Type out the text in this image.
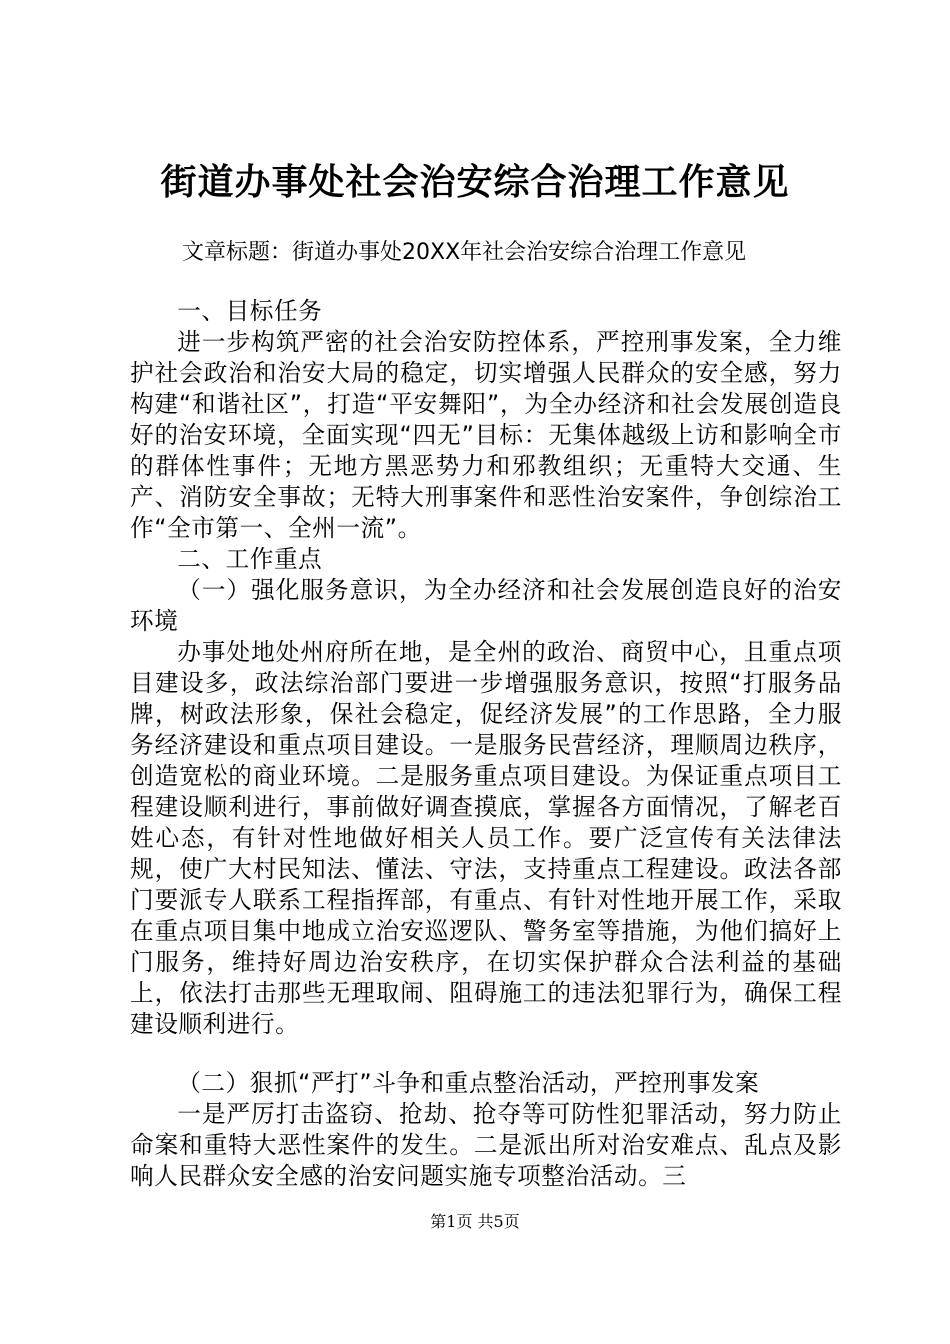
街道办事处社会治安综合治理工作意见
文章标题：街道办事处20XX年社会治安综合治理工作意见

一、目标任务

进一步构筑严密的社会治安防控体系，严控刑事发案，全力维护社会政治和治安大局的稳定，切实增强人民群众的安全感，努力构建“和谐社区”，打造“平安舞阳”，为全办经济和社会发展创造良好的治安环境，全面实现“四无”目标：无集体越级上访和影响全市的群体性事件；无地方黑恶势力和邪教组织；无重特大交通、生产、消防安全事故；无特大刑事案件和恶性治安案件，争创综治工作“全市第一、全州一流”。

二、工作重点

（一）强化服务意识，为全办经济和社会发展创造良好的治安环境

办事处地处州府所在地，是全州的政治、商贸中心，且重点项目建设多，政法综治部门要进一步增强服务意识，按照“打服务品牌，树政法形象，保社会稳定，促经济发展”的工作思路，全力服务经济建设和重点项目建设。一是服务民营经济，理顺周边秩序，创造宽松的商业环境。二是服务重点项目建设。为保证重点项目工程建设顺利进行，事前做好调查摸底，掌握各方面情况，了解老百姓心态，有针对性地做好相关人员工作。要广泛宣传有关法律法规，使广大村民知法、懂法、守法，支持重点工程建设。政法各部门要派专人联系工程指挥部，有重点、有针对性地开展工作，采取在重点项目集中地成立治安巡逻队、警务室等措施，为他们搞好上门服务，维持好周边治安秩序，在切实保护群众合法利益的基础上，依法打击那些无理取闹、阻碍施工的违法犯罪行为，确保工程建设顺利进行。

（二）狠抓“严打”斗争和重点整治活动，严控刑事发案

一是严厉打击盗窃、抢劫、抢夺等可防性犯罪活动，努力防止命案和重特大恶性案件的发生。二是派出所对治安难点、乱点及影响人民群众安全感的治安问题实施专项整治活动。三

第1页 共5页
